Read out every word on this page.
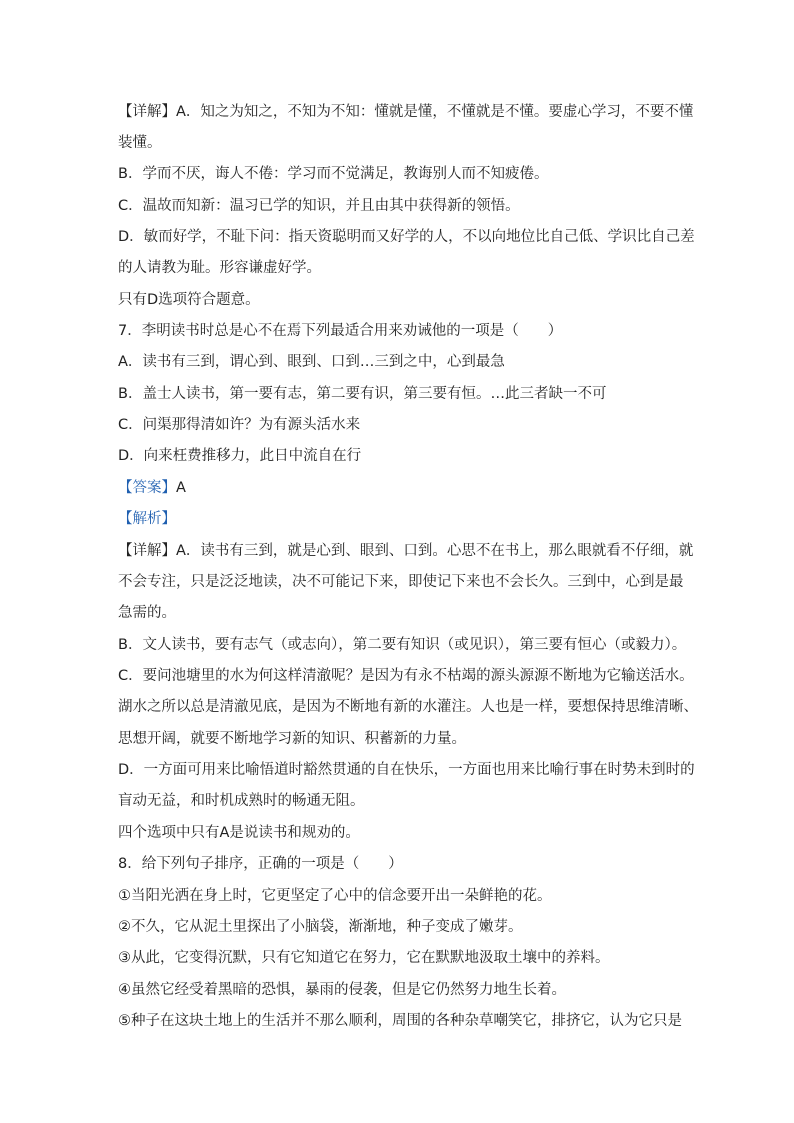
【详解】A．知之为知之，不知为不知：懂就是懂，不懂就是不懂。要虚心学习，不要不懂
装懂。
B．学而不厌，诲人不倦：学习而不觉满足，教诲别人而不知疲倦。
C．温故而知新：温习已学的知识，并且由其中获得新的领悟。
D．敏而好学，不耻下问：指天资聪明而又好学的人，不以向地位比自己低、学识比自己差
的人请教为耻。形容谦虚好学。
只有D选项符合题意。
7．李明读书时总是心不在焉下列最适合用来劝诫他的一项是（　　）
A．读书有三到，谓心到、眼到、口到…三到之中，心到最急
B．盖士人读书，第一要有志，第二要有识，第三要有恒。…此三者缺一不可
C．问渠那得清如许？为有源头活水来
D．向来枉费推移力，此日中流自在行
【答案】A
【解析】
【详解】A．读书有三到，就是心到、眼到、口到。心思不在书上，那么眼就看不仔细，就
不会专注，只是泛泛地读，决不可能记下来，即使记下来也不会长久。三到中，心到是最
急需的。
B．文人读书，要有志气（或志向），第二要有知识（或见识），第三要有恒心（或毅力）。
C．要问池塘里的水为何这样清澈呢？是因为有永不枯竭的源头源源不断地为它输送活水。
湖水之所以总是清澈见底，是因为不断地有新的水灌注。人也是一样，要想保持思维清晰、
思想开阔，就要不断地学习新的知识、积蓄新的力量。
D．一方面可用来比喻悟道时豁然贯通的自在快乐，一方面也用来比喻行事在时势未到时的
盲动无益，和时机成熟时的畅通无阻。
四个选项中只有A是说读书和规劝的。
8．给下列句子排序，正确的一项是（　　）
①当阳光洒在身上时，它更坚定了心中的信念要开出一朵鲜艳的花。
②不久，它从泥土里探出了小脑袋，渐渐地，种子变成了嫩芽。
③从此，它变得沉默，只有它知道它在努力，它在默默地汲取土壤中的养料。
④虽然它经受着黑暗的恐惧，暴雨的侵袭，但是它仍然努力地生长着。
⑤种子在这块土地上的生活并不那么顺利，周围的各种杂草嘲笑它，排挤它，认为它只是
